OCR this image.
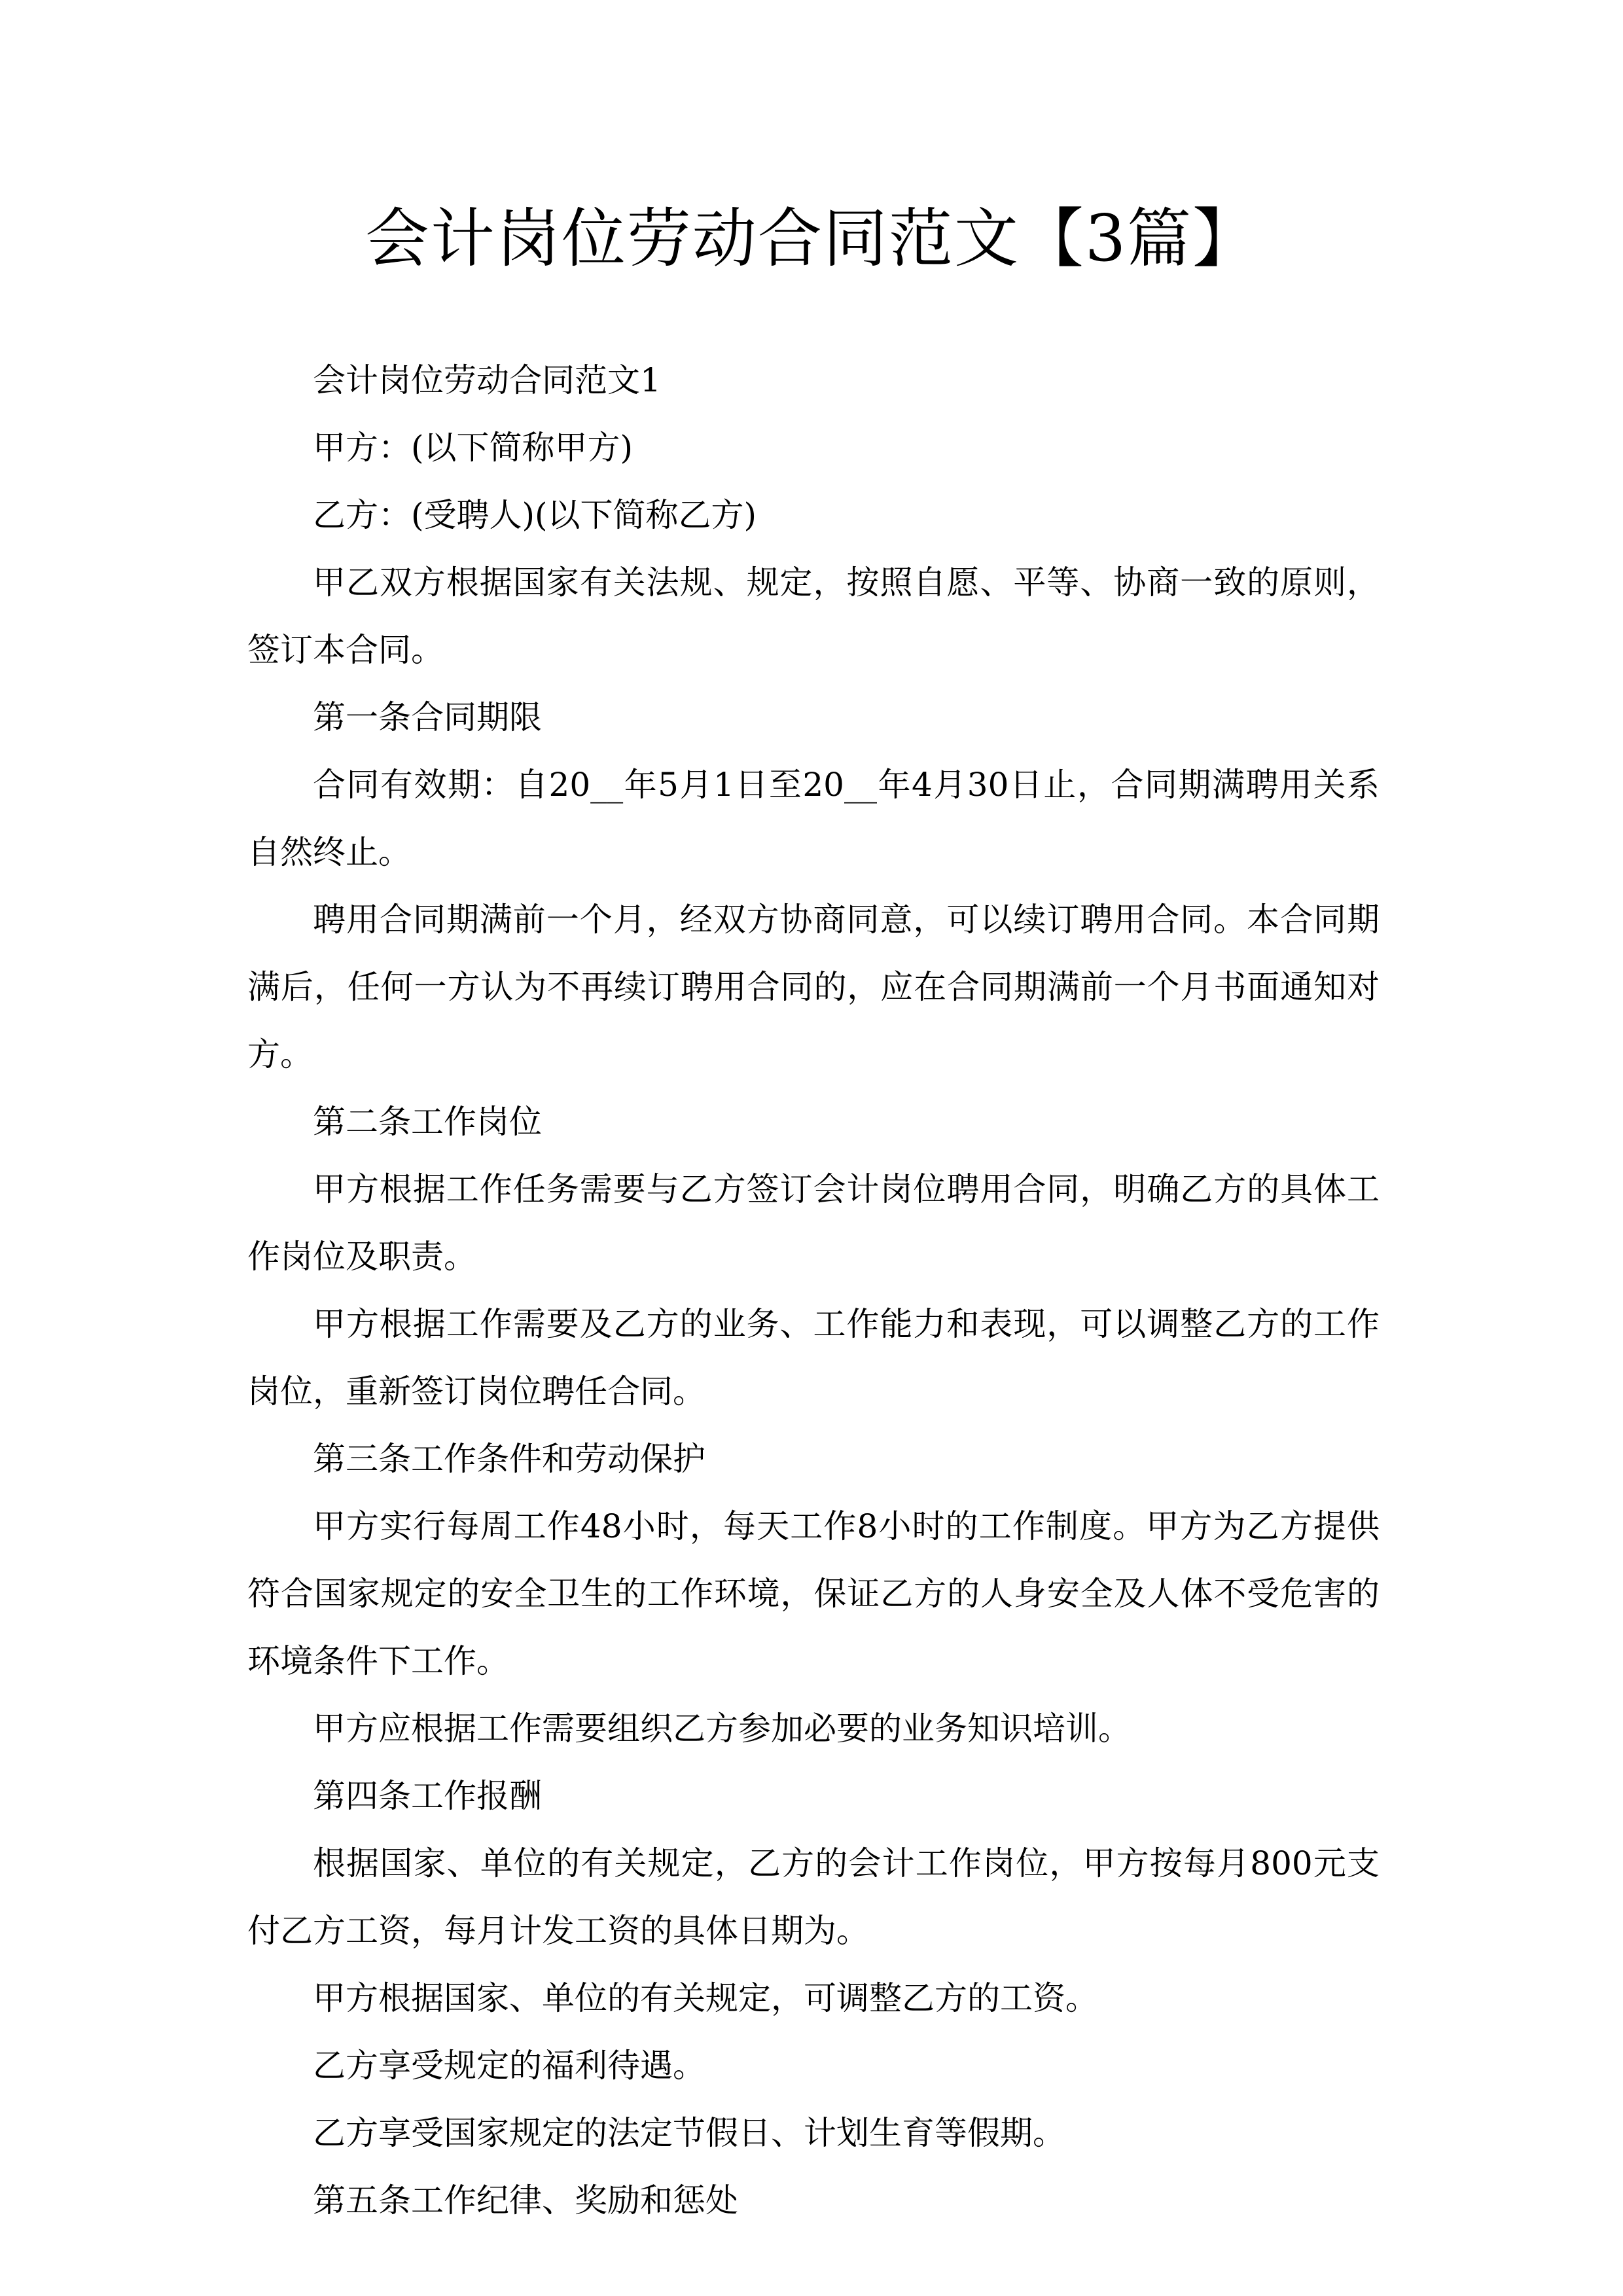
会计岗位劳动合同范文【3篇】

会计岗位劳动合同范文1

甲方：(以下简称甲方)

乙方：(受聘人)(以下简称乙方)

甲乙双方根据国家有关法规、规定，按照自愿、平等、协商一致的原则，签订本合同。

第一条合同期限

合同有效期：自20__年5月1日至20__年4月30日止，合同期满聘用关系自然终止。

聘用合同期满前一个月，经双方协商同意，可以续订聘用合同。本合同期满后，任何一方认为不再续订聘用合同的，应在合同期满前一个月书面通知对方。

第二条工作岗位

甲方根据工作任务需要与乙方签订会计岗位聘用合同，明确乙方的具体工作岗位及职责。

甲方根据工作需要及乙方的业务、工作能力和表现，可以调整乙方的工作岗位，重新签订岗位聘任合同。

第三条工作条件和劳动保护

甲方实行每周工作48小时，每天工作8小时的工作制度。甲方为乙方提供符合国家规定的安全卫生的工作环境，保证乙方的人身安全及人体不受危害的环境条件下工作。

甲方应根据工作需要组织乙方参加必要的业务知识培训。

第四条工作报酬

根据国家、单位的有关规定，乙方的会计工作岗位，甲方按每月800元支付乙方工资，每月计发工资的具体日期为。

甲方根据国家、单位的有关规定，可调整乙方的工资。

乙方享受规定的福利待遇。

乙方享受国家规定的法定节假日、计划生育等假期。

第五条工作纪律、奖励和惩处
